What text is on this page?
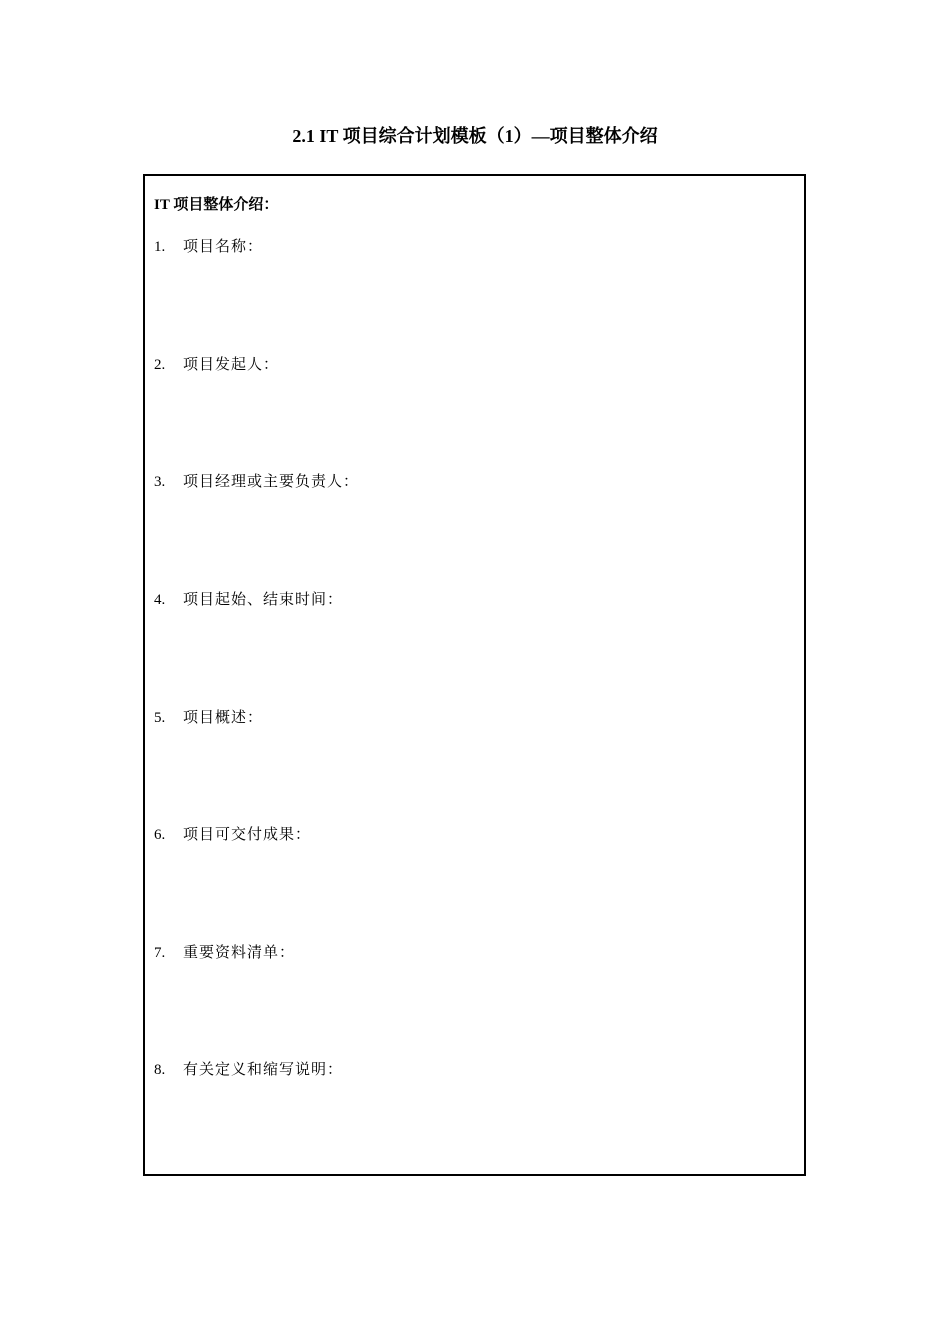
2.1 IT 项目综合计划模板（1）—项目整体介绍
IT 项目整体介绍：
1. 项目名称：
2. 项目发起人：
3. 项目经理或主要负责人：
4. 项目起始、结束时间：
5. 项目概述：
6. 项目可交付成果：
7. 重要资料清单：
8. 有关定义和缩写说明：
